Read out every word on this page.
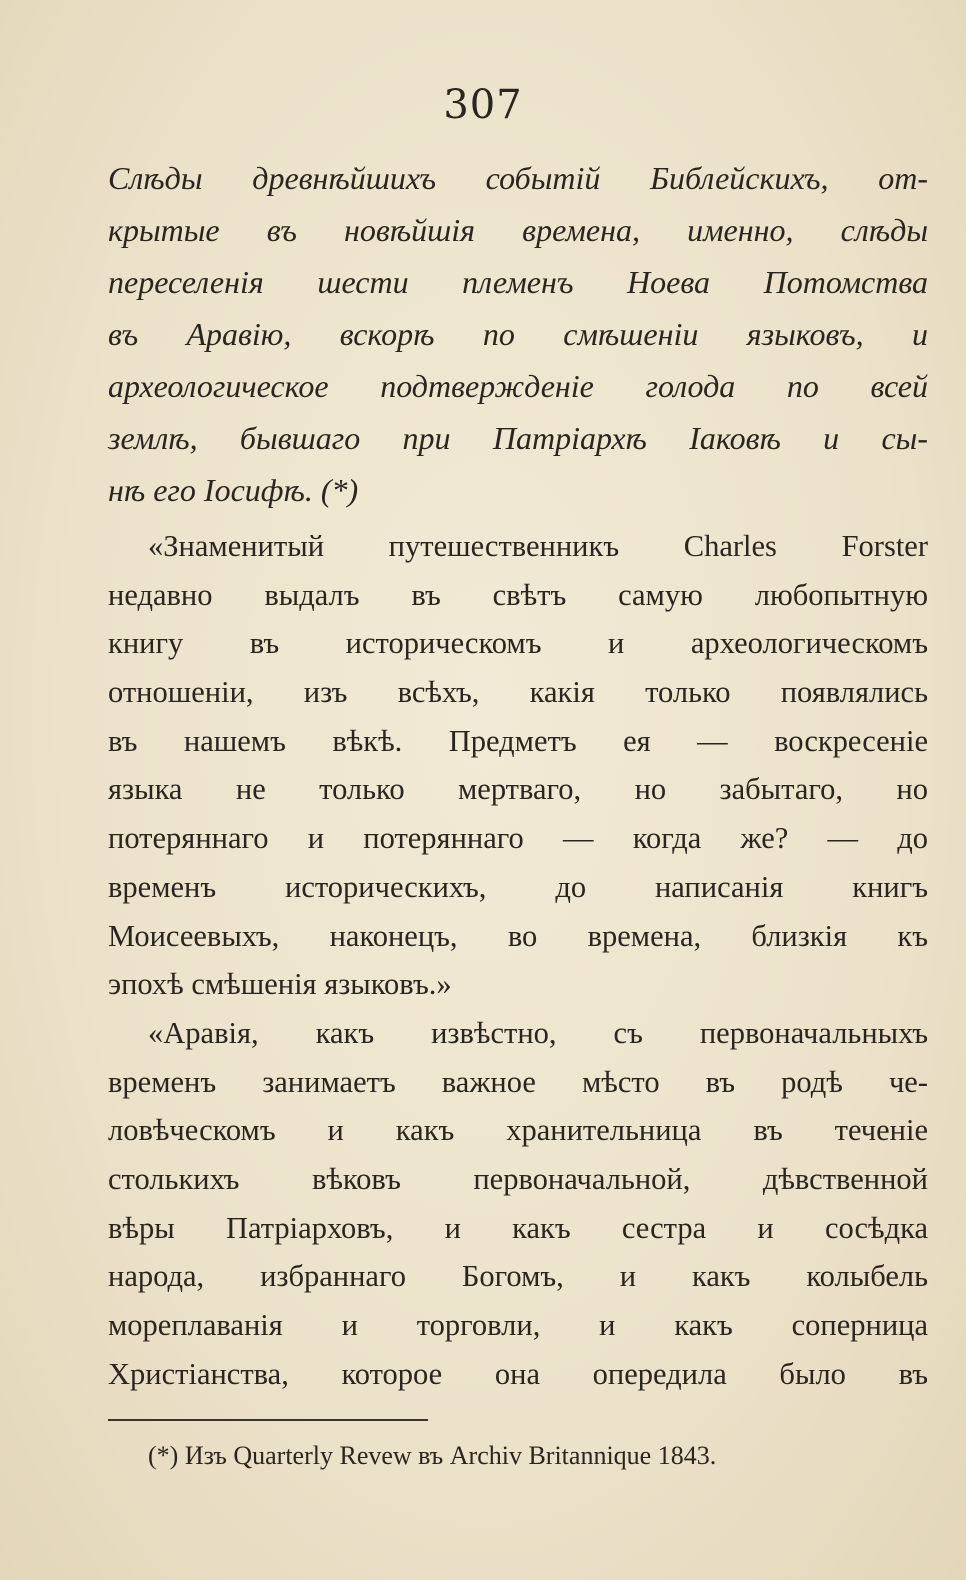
307
Слѣды древнѣйшихъ событій Библейскихъ, от-
крытые въ новѣйшія времена, именно, слѣды
переселенія шести племенъ Ноева Потомства
въ Аравію, вскорѣ по смѣшеніи языковъ, и
археологическое подтвержденіе голода по всей
землѣ, бывшаго при Патріархѣ Іаковѣ и сы-
нѣ его Іосифѣ. (*)
«Знаменитый путешественникъ Charles Forster
недавно выдалъ въ свѣтъ самую любопытную
книгу въ историческомъ и археологическомъ
отношеніи, изъ всѣхъ, какія только появлялись
въ нашемъ вѣкѣ. Предметъ ея — воскресеніе
языка не только мертваго, но забытаго, но
потеряннаго и потеряннаго — когда же? — до
временъ историческихъ, до написанія книгъ
Моисеевыхъ, наконецъ, во времена, близкія къ
эпохѣ смѣшенія языковъ.»
«Аравія, какъ извѣстно, съ первоначальныхъ
временъ занимаетъ важное мѣсто въ родѣ че-
ловѣческомъ и какъ хранительница въ теченіе
столькихъ вѣковъ первоначальной, дѣвственной
вѣры Патріарховъ, и какъ сестра и сосѣдка
народа, избраннаго Богомъ, и какъ колыбель
мореплаванія и торговли, и какъ соперница
Христіанства, которое она опередила было въ
(*) Изъ Quarterly Revew въ Archiv Britannique 1843.
